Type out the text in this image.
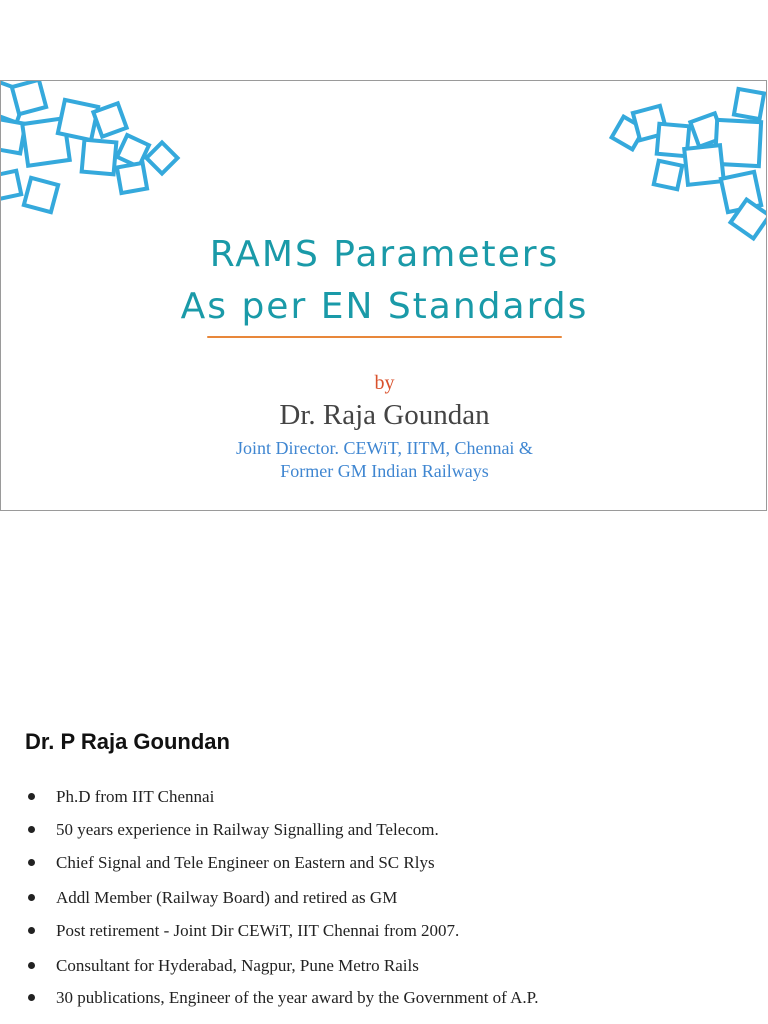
RAMS Parameters
As per EN Standards

by

Dr. Raja Goundan

Joint Director. CEWiT, IITM, Chennai &

Former GM Indian Railways

Dr. P Raja Goundan
Ph.D from IIT Chennai
50 years experience in Railway Signalling and Telecom.
Chief Signal and Tele Engineer on Eastern and SC Rlys
Addl Member (Railway Board) and retired as GM
Post retirement - Joint Dir CEWiT, IIT Chennai from 2007.
Consultant for Hyderabad, Nagpur, Pune Metro Rails
30 publications, Engineer of the year award by the Government of A.P.
